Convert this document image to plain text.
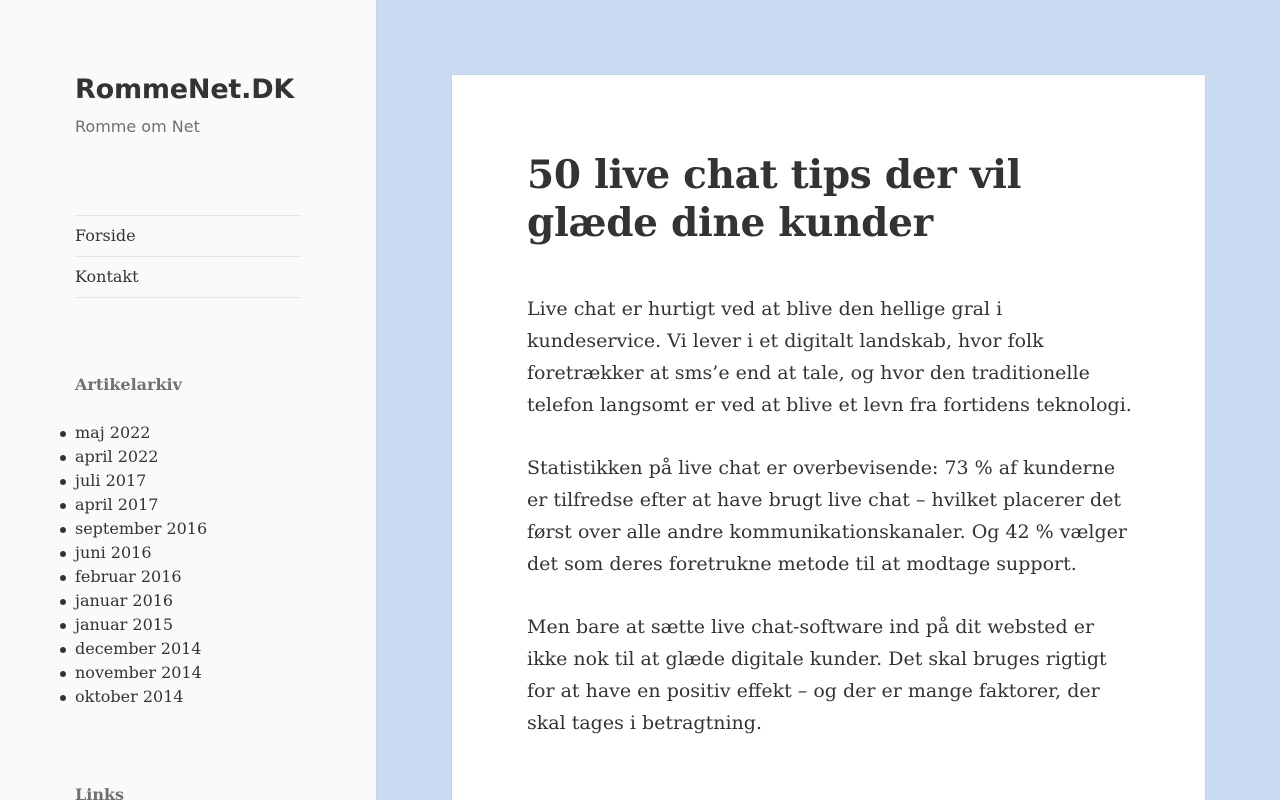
RommeNet.DK
Romme om Net
Forside
Kontakt
Artikelarkiv
maj 2022
april 2022
juli 2017
april 2017
september 2016
juni 2016
februar 2016
januar 2016
januar 2015
december 2014
november 2014
oktober 2014
Links
50 live chat tips der vil glæde dine kunder

Live chat er hurtigt ved at blive den hellige gral i kundeservice. Vi lever i et digitalt landskab, hvor folk foretrækker at sms’e end at tale, og hvor den traditionelle telefon langsomt er ved at blive et levn fra fortidens teknologi.

Statistikken på live chat er overbevisende: 73 % af kunderne er tilfredse efter at have brugt live chat – hvilket placerer det først over alle andre kommunikationskanaler. Og 42 % vælger det som deres foretrukne metode til at modtage support.

Men bare at sætte live chat-software ind på dit websted er ikke nok til at glæde digitale kunder. Det skal bruges rigtigt for at have en positiv effekt – og der er mange faktorer, der skal tages i betragtning.
